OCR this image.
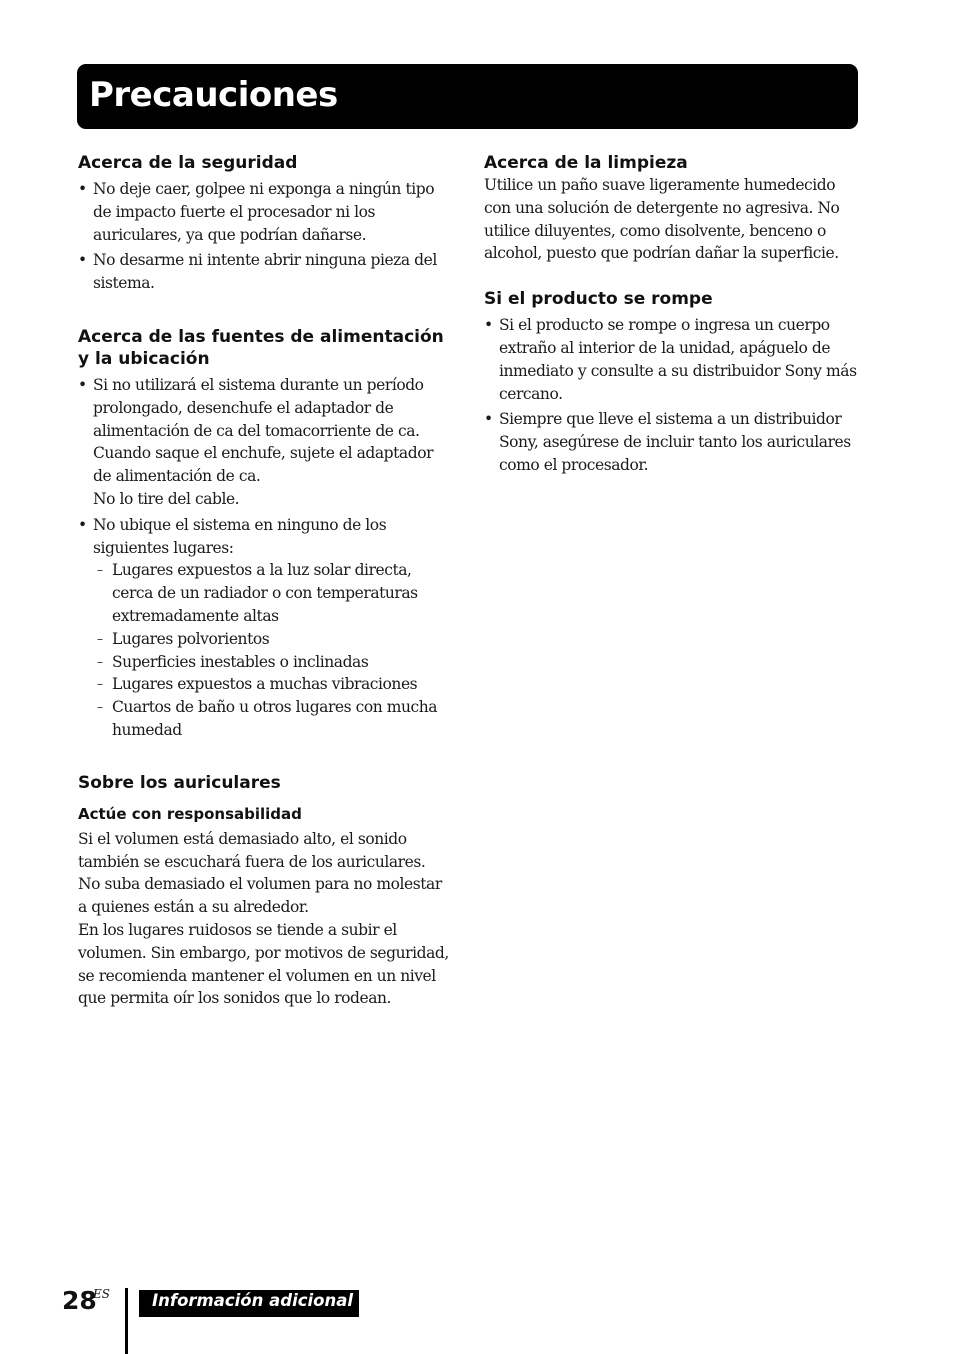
Precauciones
Acerca de la seguridad
• No deje caer, golpee ni exponga a ningún tipo de impacto fuerte el procesador ni los auriculares, ya que podrían dañarse.
• No desarme ni intente abrir ninguna pieza del sistema.
Acerca de las fuentes de alimentación y la ubicación
• Si no utilizará el sistema durante un período prolongado, desenchufe el adaptador de alimentación de ca del tomacorriente de ca.
Cuando saque el enchufe, sujete el adaptador de alimentación de ca.
No lo tire del cable.
• No ubique el sistema en ninguno de los siguientes lugares:
– Lugares expuestos a la luz solar directa, cerca de un radiador o con temperaturas extremadamente altas
– Lugares polvorientos
– Superficies inestables o inclinadas
– Lugares expuestos a muchas vibraciones
– Cuartos de baño u otros lugares con mucha humedad
Sobre los auriculares
Actúe con responsabilidad

Si el volumen está demasiado alto, el sonido también se escuchará fuera de los auriculares. No suba demasiado el volumen para no molestar a quienes están a su alrededor.

En los lugares ruidosos se tiende a subir el volumen. Sin embargo, por motivos de seguridad, se recomienda mantener el volumen en un nivel que permita oír los sonidos que lo rodean.

Acerca de la limpieza

Utilice un paño suave ligeramente humedecido con una solución de detergente no agresiva. No utilice diluyentes, como disolvente, benceno o alcohol, puesto que podrían dañar la superficie.

Si el producto se rompe
• Si el producto se rompe o ingresa un cuerpo extraño al interior de la unidad, apáguelo de inmediato y consulte a su distribuidor Sony más cercano.
• Siempre que lleve el sistema a un distribuidor Sony, asegúrese de incluir tanto los auriculares como el procesador.
28
ES	Información adicional
